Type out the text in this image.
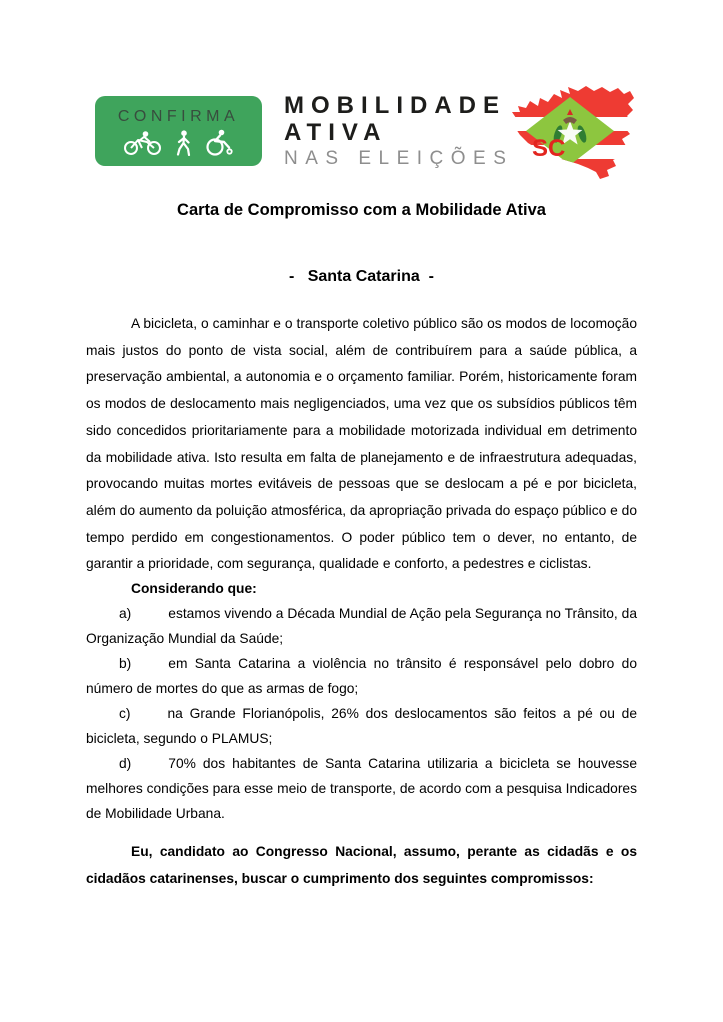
CONFIRMA MOBILIDADE
ATIVA
NAS ELEIÇÕES SC
Carta de Compromisso com a Mobilidade Ativa
-   Santa Catarina  -

A bicicleta, o caminhar e o transporte coletivo público são os modos de locomoção mais justos do ponto de vista social, além de contribuírem para a saúde pública, a preservação ambiental, a autonomia e o orçamento familiar. Porém, historicamente foram os modos de deslocamento mais negligenciados, uma vez que os subsídios públicos têm sido concedidos prioritariamente para a mobilidade motorizada individual em detrimento da mobilidade ativa. Isto resulta em falta de planejamento e de infraestrutura adequadas, provocando muitas mortes evitáveis de pessoas que se deslocam a pé e por bicicleta, além do aumento da poluição atmosférica, da apropriação privada do espaço público e do tempo perdido em congestionamentos. O poder público tem o dever, no entanto, de garantir a prioridade, com segurança, qualidade e conforto, a pedestres e ciclistas.

Considerando que:

a)	estamos vivendo a Década Mundial de Ação pela Segurança no Trânsito, da Organização Mundial da Saúde;

b)	em Santa Catarina a violência no trânsito é responsável pelo dobro do número de mortes do que as armas de fogo;

c)	na Grande Florianópolis, 26% dos deslocamentos são feitos a pé ou de bicicleta, segundo o PLAMUS;

d)	70% dos habitantes de Santa Catarina utilizaria a bicicleta se houvesse melhores condições para esse meio de transporte, de acordo com a pesquisa Indicadores de Mobilidade Urbana.

Eu, candidato ao Congresso Nacional, assumo, perante as cidadãs e os cidadãos catarinenses, buscar o cumprimento dos seguintes compromissos:
